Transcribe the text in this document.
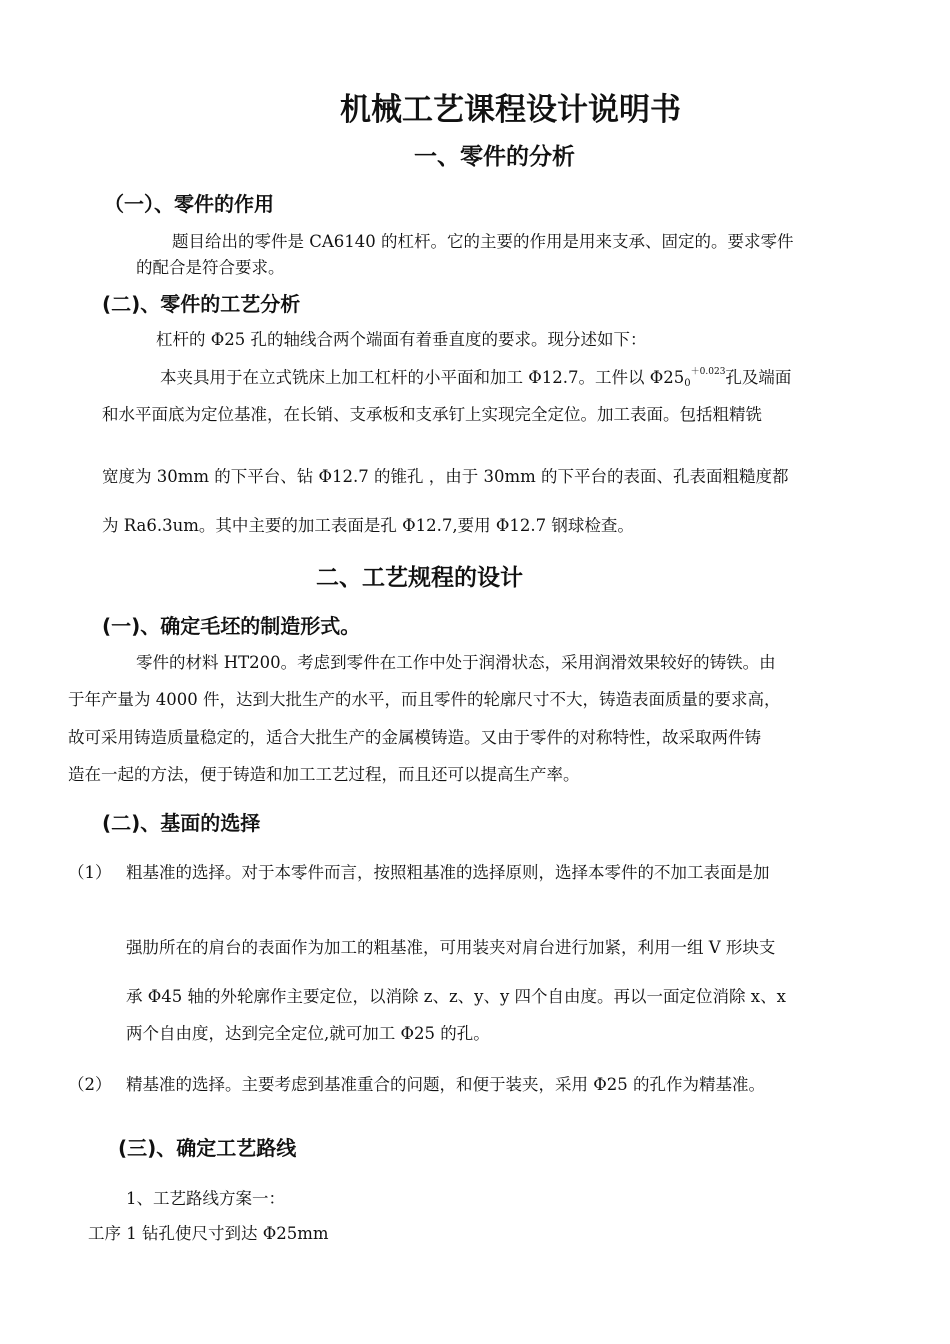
机械工艺课程设计说明书
一、零件的分析
（一）、零件的作用
题目给出的零件是 CA6140 的杠杆。它的主要的作用是用来支承、固定的。要求零件
的配合是符合要求。
(二)、零件的工艺分析
杠杆的 Φ25 孔的轴线合两个端面有着垂直度的要求。现分述如下：
本夹具用于在立式铣床上加工杠杆的小平面和加工 Φ12.7。工件以 $\Phi 25_0^{+0.023}$孔及端面
和水平面底为定位基准，在长销、支承板和支承钉上实现完全定位。加工表面。包括粗精铣
宽度为 30mm 的下平台、钻 Φ12.7 的锥孔 ，由于 30mm 的下平台的表面、孔表面粗糙度都
为 Ra6.3um。其中主要的加工表面是孔 Φ12.7,要用 Φ12.7 钢球检查。
二、工艺规程的设计
(一)、确定毛坯的制造形式。
零件的材料 HT200。考虑到零件在工作中处于润滑状态，采用润滑效果较好的铸铁。由
于年产量为 4000 件，达到大批生产的水平，而且零件的轮廓尺寸不大，铸造表面质量的要求高，
故可采用铸造质量稳定的，适合大批生产的金属模铸造。又由于零件的对称特性，故采取两件铸
造在一起的方法，便于铸造和加工工艺过程，而且还可以提高生产率。
(二)、基面的选择
（1） 粗基准的选择。对于本零件而言，按照粗基准的选择原则，选择本零件的不加工表面是加
强肋所在的肩台的表面作为加工的粗基准，可用装夹对肩台进行加紧，利用一组 V 形块支
承 Φ45 轴的外轮廓作主要定位，以消除 z、z、y、y 四个自由度。再以一面定位消除 x、x
两个自由度，达到完全定位,就可加工 Φ25 的孔。
（2） 精基准的选择。主要考虑到基准重合的问题，和便于装夹，采用 Φ25 的孔作为精基准。
(三)、确定工艺路线
1、工艺路线方案一：
工序 1 钻孔使尺寸到达 Φ25mm
